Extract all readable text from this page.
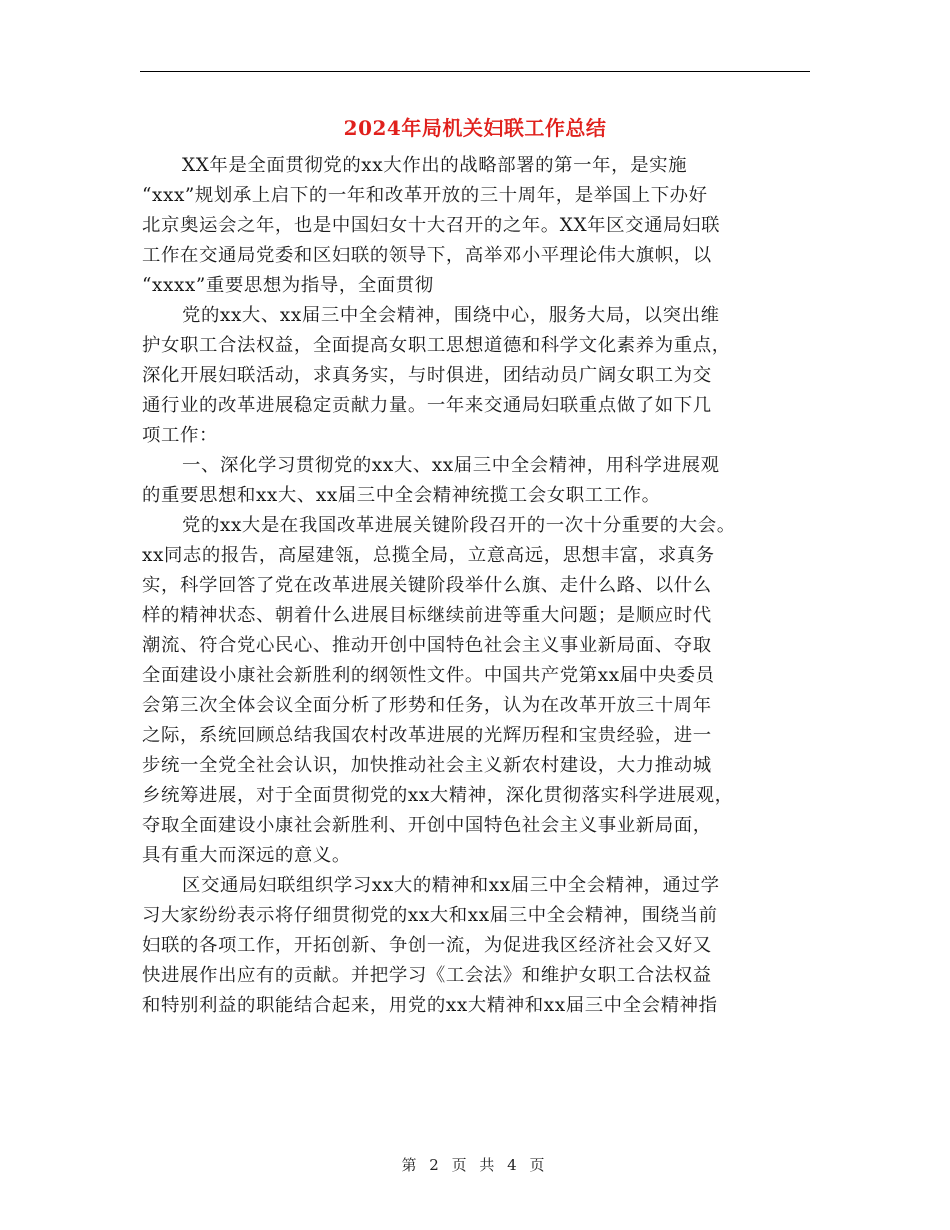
2024年局机关妇联工作总结
XX年是全面贯彻党的xx大作出的战略部署的第一年，是实施
“xxx”规划承上启下的一年和改革开放的三十周年，是举国上下办好
北京奥运会之年，也是中国妇女十大召开的之年。XX年区交通局妇联
工作在交通局党委和区妇联的领导下，高举邓小平理论伟大旗帜，以
“xxxx”重要思想为指导，全面贯彻
党的xx大、xx届三中全会精神，围绕中心，服务大局，以突出维
护女职工合法权益，全面提高女职工思想道德和科学文化素养为重点，
深化开展妇联活动，求真务实，与时俱进，团结动员广阔女职工为交
通行业的改革进展稳定贡献力量。一年来交通局妇联重点做了如下几
项工作：
一、深化学习贯彻党的xx大、xx届三中全会精神，用科学进展观
的重要思想和xx大、xx届三中全会精神统揽工会女职工工作。
党的xx大是在我国改革进展关键阶段召开的一次十分重要的大会。
xx同志的报告，高屋建瓴，总揽全局，立意高远，思想丰富，求真务
实，科学回答了党在改革进展关键阶段举什么旗、走什么路、以什么
样的精神状态、朝着什么进展目标继续前进等重大问题；是顺应时代
潮流、符合党心民心、推动开创中国特色社会主义事业新局面、夺取
全面建设小康社会新胜利的纲领性文件。中国共产党第xx届中央委员
会第三次全体会议全面分析了形势和任务，认为在改革开放三十周年
之际，系统回顾总结我国农村改革进展的光辉历程和宝贵经验，进一
步统一全党全社会认识，加快推动社会主义新农村建设，大力推动城
乡统筹进展，对于全面贯彻党的xx大精神，深化贯彻落实科学进展观，
夺取全面建设小康社会新胜利、开创中国特色社会主义事业新局面，
具有重大而深远的意义。
区交通局妇联组织学习xx大的精神和xx届三中全会精神，通过学
习大家纷纷表示将仔细贯彻党的xx大和xx届三中全会精神，围绕当前
妇联的各项工作，开拓创新、争创一流，为促进我区经济社会又好又
快进展作出应有的贡献。并把学习《工会法》和维护女职工合法权益
和特别利益的职能结合起来，用党的xx大精神和xx届三中全会精神指
第 2 页 共 4 页
